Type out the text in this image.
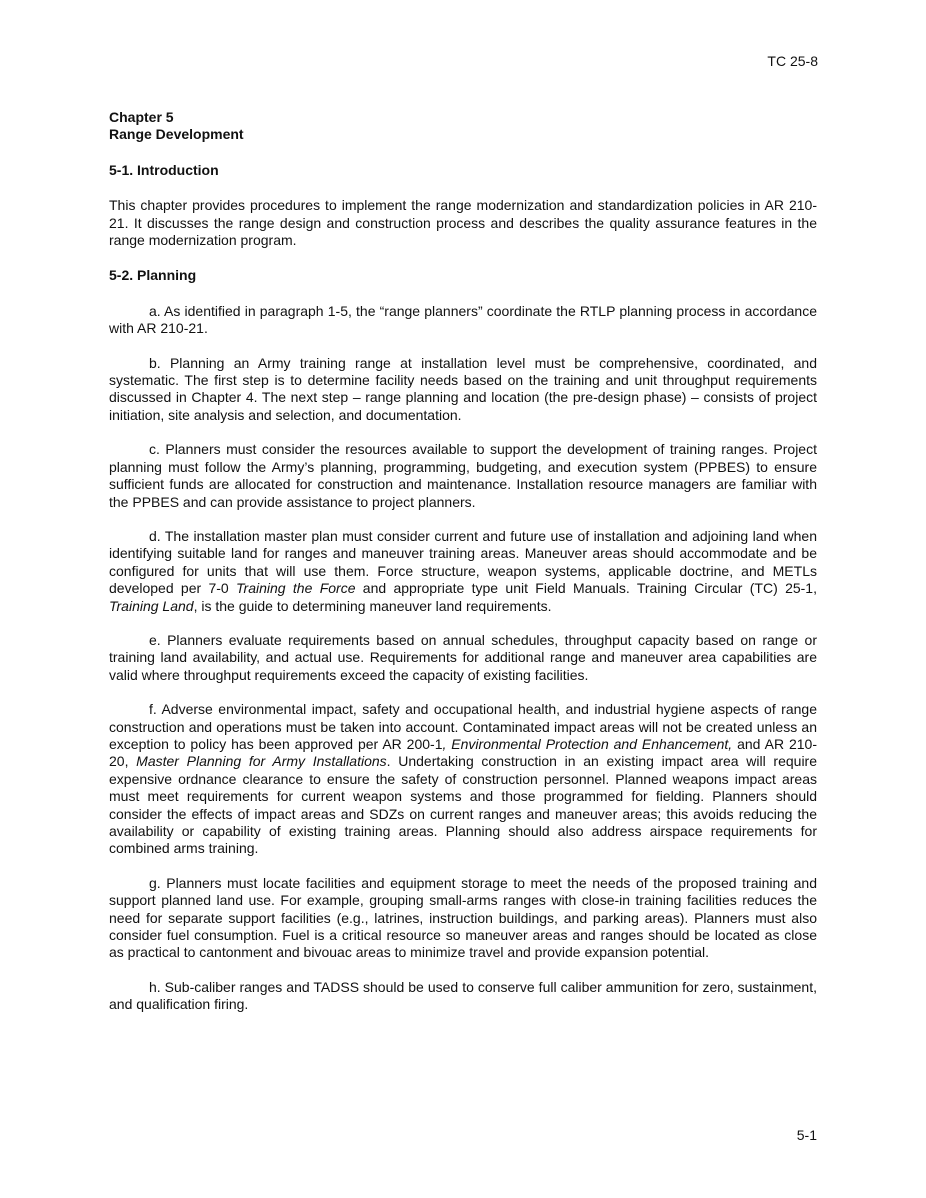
TC 25-8

Chapter 5

Range Development

5-1. Introduction

This chapter provides procedures to implement the range modernization and standardization policies in AR 210-21. It discusses the range design and construction process and describes the quality assurance features in the range modernization program.

5-2. Planning

a. As identified in paragraph 1-5, the “range planners” coordinate the RTLP planning process in accordance with AR 210-21.

b. Planning an Army training range at installation level must be comprehensive, coordinated, and systematic. The first step is to determine facility needs based on the training and unit throughput requirements discussed in Chapter 4. The next step – range planning and location (the pre-design phase) – consists of project initiation, site analysis and selection, and documentation.

c. Planners must consider the resources available to support the development of training ranges. Project planning must follow the Army’s planning, programming, budgeting, and execution system (PPBES) to ensure sufficient funds are allocated for construction and maintenance. Installation resource managers are familiar with the PPBES and can provide assistance to project planners.

d. The installation master plan must consider current and future use of installation and adjoining land when identifying suitable land for ranges and maneuver training areas. Maneuver areas should accommodate and be configured for units that will use them. Force structure, weapon systems, applicable doctrine, and METLs developed per 7-0 Training the Force and appropriate type unit Field Manuals. Training Circular (TC) 25-1, Training Land, is the guide to determining maneuver land requirements.

e. Planners evaluate requirements based on annual schedules, throughput capacity based on range or training land availability, and actual use. Requirements for additional range and maneuver area capabilities are valid where throughput requirements exceed the capacity of existing facilities.

f. Adverse environmental impact, safety and occupational health, and industrial hygiene aspects of range construction and operations must be taken into account. Contaminated impact areas will not be created unless an exception to policy has been approved per AR 200-1, Environmental Protection and Enhancement, and AR 210-20, Master Planning for Army Installations. Undertaking construction in an existing impact area will require expensive ordnance clearance to ensure the safety of construction personnel. Planned weapons impact areas must meet requirements for current weapon systems and those programmed for fielding. Planners should consider the effects of impact areas and SDZs on current ranges and maneuver areas; this avoids reducing the availability or capability of existing training areas. Planning should also address airspace requirements for combined arms training.

g. Planners must locate facilities and equipment storage to meet the needs of the proposed training and support planned land use. For example, grouping small-arms ranges with close-in training facilities reduces the need for separate support facilities (e.g., latrines, instruction buildings, and parking areas). Planners must also consider fuel consumption. Fuel is a critical resource so maneuver areas and ranges should be located as close as practical to cantonment and bivouac areas to minimize travel and provide expansion potential.

h. Sub-caliber ranges and TADSS should be used to conserve full caliber ammunition for zero, sustainment, and qualification firing.

5-1
